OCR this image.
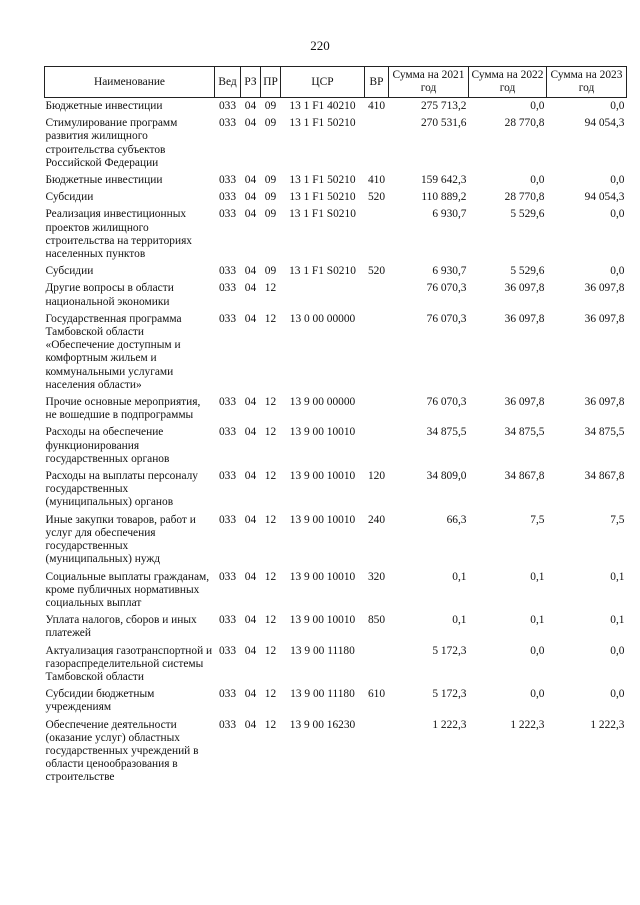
220
Наименование	Вед	РЗ	ПР	ЦСР	ВР	Сумма на 2021 год	Сумма на 2022 год	Сумма на 2023 год
Бюджетные инвестиции	033	04	09	13 1 F1 40210	410	275 713,2	0,0	0,0
Стимулирование программ развития жилищного строительства субъектов Российской Федерации	033	04	09	13 1 F1 50210		270 531,6	28 770,8	94 054,3
Бюджетные инвестиции	033	04	09	13 1 F1 50210	410	159 642,3	0,0	0,0
Субсидии	033	04	09	13 1 F1 50210	520	110 889,2	28 770,8	94 054,3
Реализация инвестиционных проектов жилищного строительства на территориях населенных пунктов	033	04	09	13 1 F1 S0210		6 930,7	5 529,6	0,0
Субсидии	033	04	09	13 1 F1 S0210	520	6 930,7	5 529,6	0,0
Другие вопросы в области национальной экономики	033	04	12			76 070,3	36 097,8	36 097,8
Государственная программа Тамбовской области «Обеспечение доступным и комфортным жильем и коммунальными услугами населения области»	033	04	12	13 0 00 00000		76 070,3	36 097,8	36 097,8
Прочие основные мероприятия, не вошедшие в подпрограммы	033	04	12	13 9 00 00000		76 070,3	36 097,8	36 097,8
Расходы на обеспечение функционирования государственных органов	033	04	12	13 9 00 10010		34 875,5	34 875,5	34 875,5
Расходы на выплаты персоналу государственных (муниципальных) органов	033	04	12	13 9 00 10010	120	34 809,0	34 867,8	34 867,8
Иные закупки товаров, работ и услуг для обеспечения государственных (муниципальных) нужд	033	04	12	13 9 00 10010	240	66,3	7,5	7,5
Социальные выплаты гражданам, кроме публичных нормативных социальных выплат	033	04	12	13 9 00 10010	320	0,1	0,1	0,1
Уплата налогов, сборов и иных платежей	033	04	12	13 9 00 10010	850	0,1	0,1	0,1
Актуализация газотранспортной и газораспределительной системы Тамбовской области	033	04	12	13 9 00 11180		5 172,3	0,0	0,0
Субсидии бюджетным учреждениям	033	04	12	13 9 00 11180	610	5 172,3	0,0	0,0
Обеспечение деятельности (оказание услуг) областных государственных учреждений в области ценообразования в строительстве	033	04	12	13 9 00 16230		1 222,3	1 222,3	1 222,3
